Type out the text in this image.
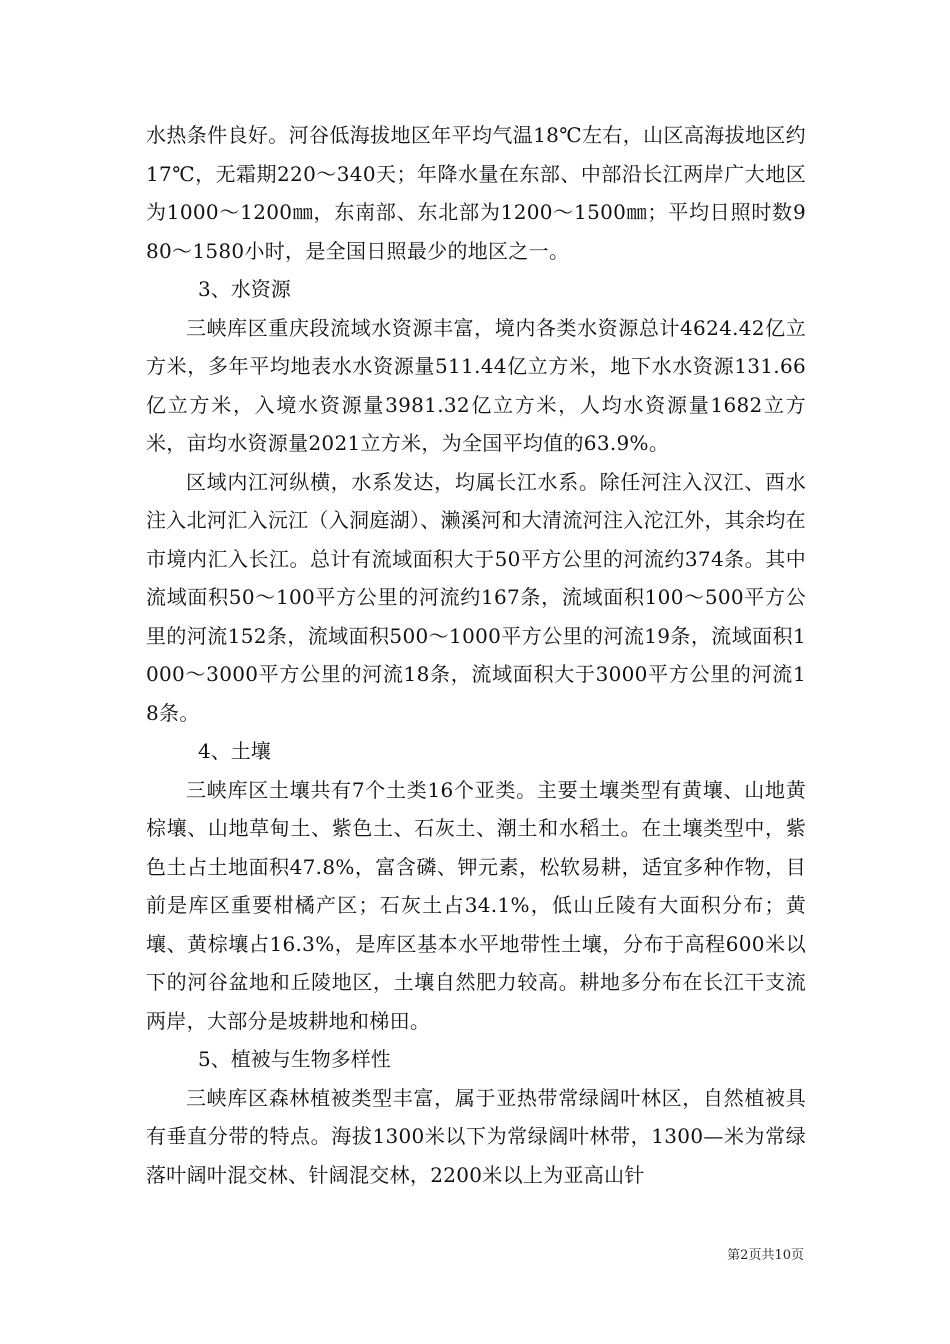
水热条件良好。河谷低海拔地区年平均气温18℃左右，山区高海拔地区约17℃，无霜期220～340天；年降水量在东部、中部沿长江两岸广大地区为1000～1200㎜，东南部、东北部为1200～1500㎜；平均日照时数980～1580小时，是全国日照最少的地区之一。

3、水资源

三峡库区重庆段流域水资源丰富，境内各类水资源总计4624.42亿立方米，多年平均地表水水资源量511.44亿立方米，地下水水资源131.66亿立方米，入境水资源量3981.32亿立方米，人均水资源量1682立方米，亩均水资源量2021立方米，为全国平均值的63.9%。

区域内江河纵横，水系发达，均属长江水系。除任河注入汉江、酉水注入北河汇入沅江（入洞庭湖）、濑溪河和大清流河注入沱江外，其余均在市境内汇入长江。总计有流域面积大于50平方公里的河流约374条。其中流域面积50～100平方公里的河流约167条，流域面积100～500平方公里的河流152条，流域面积500～1000平方公里的河流19条，流域面积1000～3000平方公里的河流18条，流域面积大于3000平方公里的河流18条。

4、土壤

三峡库区土壤共有7个土类16个亚类。主要土壤类型有黄壤、山地黄棕壤、山地草甸土、紫色土、石灰土、潮土和水稻土。在土壤类型中，紫色土占土地面积47.8%，富含磷、钾元素，松软易耕，适宜多种作物，目前是库区重要柑橘产区；石灰土占34.1%，低山丘陵有大面积分布；黄壤、黄棕壤占16.3%，是库区基本水平地带性土壤，分布于高程600米以下的河谷盆地和丘陵地区，土壤自然肥力较高。耕地多分布在长江干支流两岸，大部分是坡耕地和梯田。

5、植被与生物多样性

三峡库区森林植被类型丰富，属于亚热带常绿阔叶林区，自然植被具有垂直分带的特点。海拔1300米以下为常绿阔叶林带，1300—米为常绿落叶阔叶混交林、针阔混交林，2200米以上为亚高山针

第2页共10页
